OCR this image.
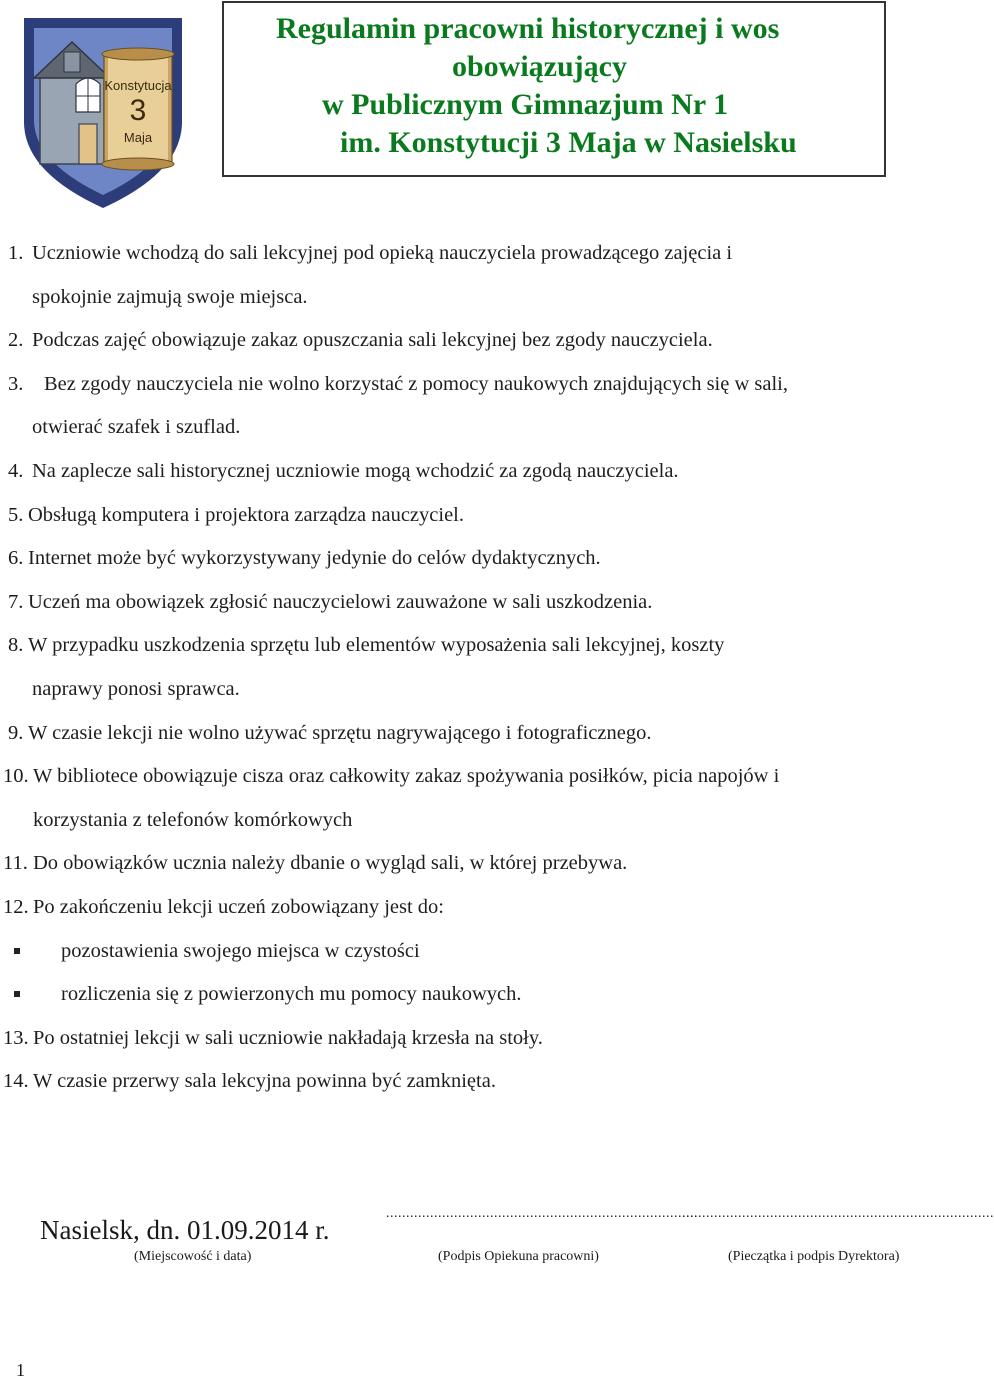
Konstytucja
3
Maja
Regulamin pracowni historycznej i wos
obowiązujący
w Publicznym Gimnazjum Nr 1
im. Konstytucji 3 Maja w Nasielsku
1. Uczniowie wchodzą do sali lekcyjnej pod opieką nauczyciela prowadzącego zajęcia i
spokojnie zajmują swoje miejsca.
2. Podczas zajęć obowiązuje zakaz opuszczania sali lekcyjnej bez zgody nauczyciela.
3. Bez zgody nauczyciela nie wolno korzystać z pomocy naukowych znajdujących się w sali,
otwierać szafek i szuflad.
4. Na zaplecze sali historycznej uczniowie mogą wchodzić za zgodą nauczyciela.
5. Obsługą komputera i projektora zarządza nauczyciel.
6. Internet może być wykorzystywany jedynie do celów dydaktycznych.
7. Uczeń ma obowiązek zgłosić nauczycielowi zauważone w sali uszkodzenia.
8. W przypadku uszkodzenia sprzętu lub elementów wyposażenia sali lekcyjnej, koszty
naprawy ponosi sprawca.
9. W czasie lekcji nie wolno używać sprzętu nagrywającego i fotograficznego.
10. W bibliotece obowiązuje cisza oraz całkowity zakaz spożywania posiłków, picia napojów i
korzystania z telefonów komórkowych
11. Do obowiązków ucznia należy dbanie o wygląd sali, w której przebywa.
12. Po zakończeniu lekcji uczeń zobowiązany jest do:
pozostawienia swojego miejsca w czystości
rozliczenia się z powierzonych mu pomocy naukowych.
13. Po ostatniej lekcji w sali uczniowie nakładają krzesła na stoły.
14. W czasie przerwy sala lekcyjna powinna być zamknięta.
Nasielsk, dn. 01.09.2014 r.
(Miejscowość i data)
..............................................................................
(Podpis Opiekuna pracowni)
..............................................................................
(Pieczątka i podpis Dyrektora)
1
